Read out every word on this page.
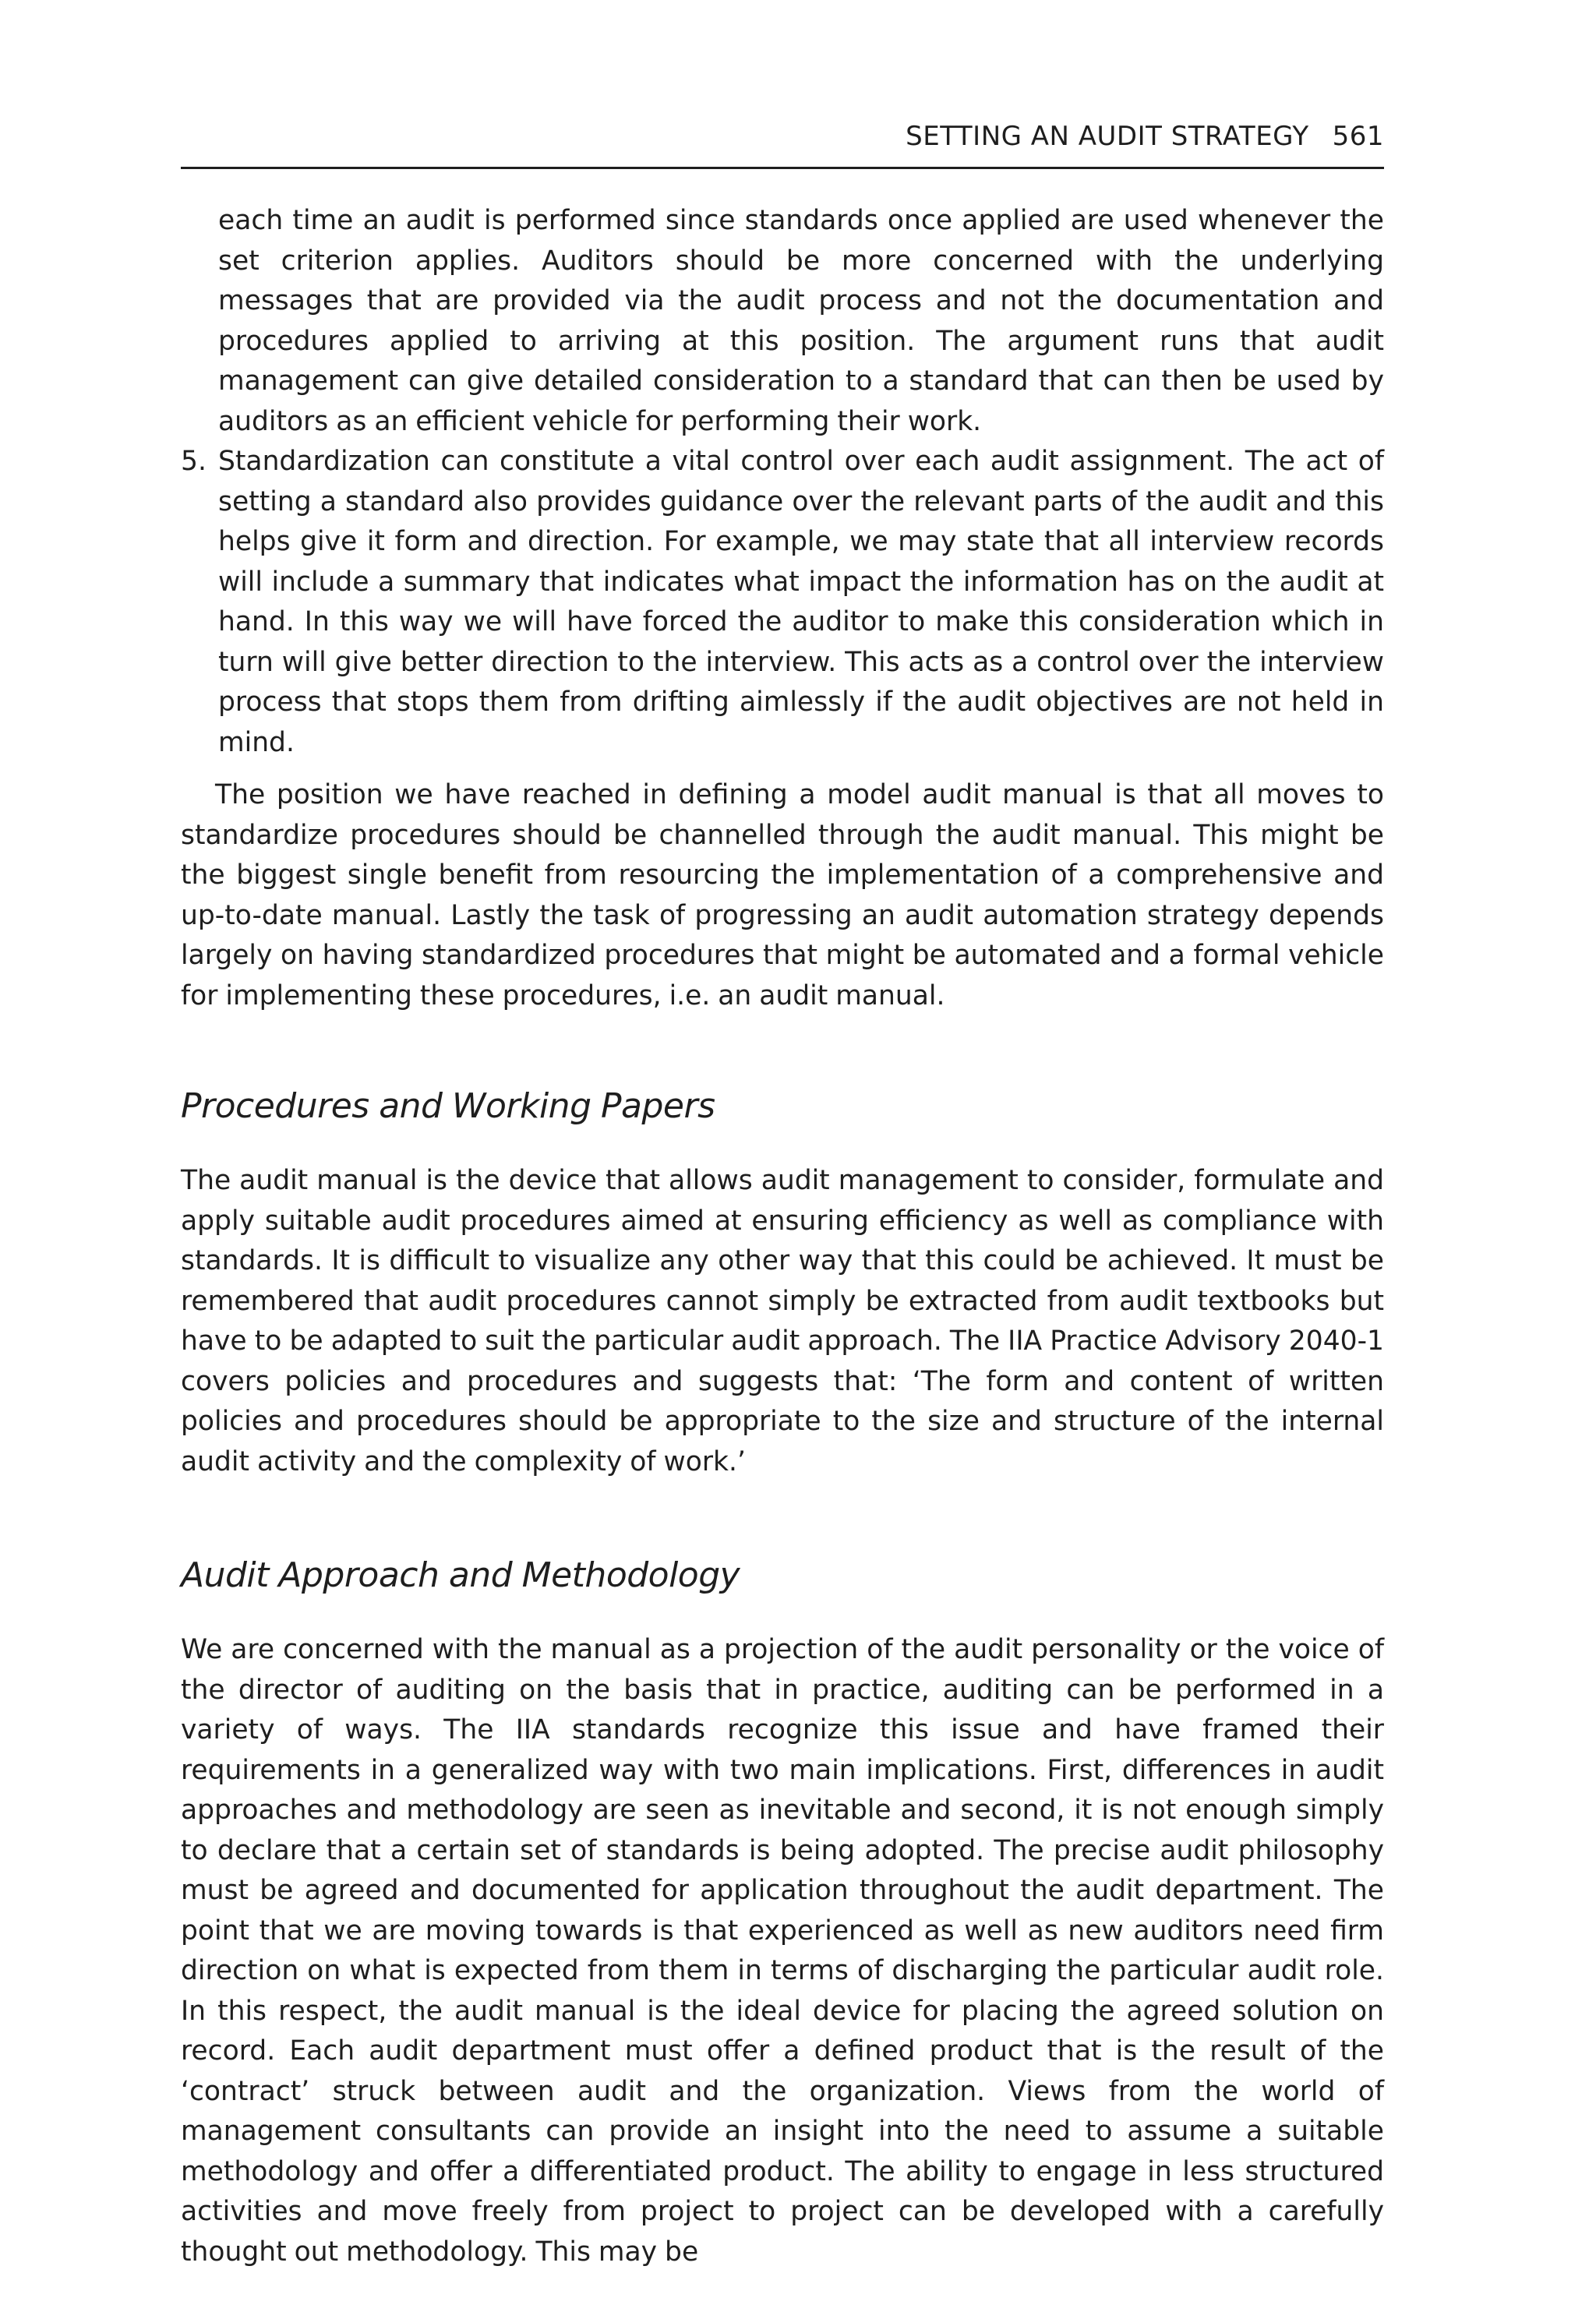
SETTING AN AUDIT STRATEGY 561

each time an audit is performed since standards once applied are used whenever the set criterion applies. Auditors should be more concerned with the underlying messages that are provided via the audit process and not the documentation and procedures applied to arriving at this position. The argument runs that audit management can give detailed consideration to a standard that can then be used by auditors as an efficient vehicle for performing their work.

5. Standardization can constitute a vital control over each audit assignment. The act of setting a standard also provides guidance over the relevant parts of the audit and this helps give it form and direction. For example, we may state that all interview records will include a summary that indicates what impact the information has on the audit at hand. In this way we will have forced the auditor to make this consideration which in turn will give better direction to the interview. This acts as a control over the interview process that stops them from drifting aimlessly if the audit objectives are not held in mind.

The position we have reached in defining a model audit manual is that all moves to standardize procedures should be channelled through the audit manual. This might be the biggest single benefit from resourcing the implementation of a comprehensive and up-to-date manual. Lastly the task of progressing an audit automation strategy depends largely on having standardized procedures that might be automated and a formal vehicle for implementing these procedures, i.e. an audit manual.

Procedures and Working Papers

The audit manual is the device that allows audit management to consider, formulate and apply suitable audit procedures aimed at ensuring efficiency as well as compliance with standards. It is difficult to visualize any other way that this could be achieved. It must be remembered that audit procedures cannot simply be extracted from audit textbooks but have to be adapted to suit the particular audit approach. The IIA Practice Advisory 2040-1 covers policies and procedures and suggests that: ‘The form and content of written policies and procedures should be appropriate to the size and structure of the internal audit activity and the complexity of work.’

Audit Approach and Methodology

We are concerned with the manual as a projection of the audit personality or the voice of the director of auditing on the basis that in practice, auditing can be performed in a variety of ways. The IIA standards recognize this issue and have framed their requirements in a generalized way with two main implications. First, differences in audit approaches and methodology are seen as inevitable and second, it is not enough simply to declare that a certain set of standards is being adopted. The precise audit philosophy must be agreed and documented for application throughout the audit department. The point that we are moving towards is that experienced as well as new auditors need firm direction on what is expected from them in terms of discharging the particular audit role. In this respect, the audit manual is the ideal device for placing the agreed solution on record. Each audit department must offer a defined product that is the result of the ‘contract’ struck between audit and the organization. Views from the world of management consultants can provide an insight into the need to assume a suitable methodology and offer a differentiated product. The ability to engage in less structured activities and move freely from project to project can be developed with a carefully thought out methodology. This may be
